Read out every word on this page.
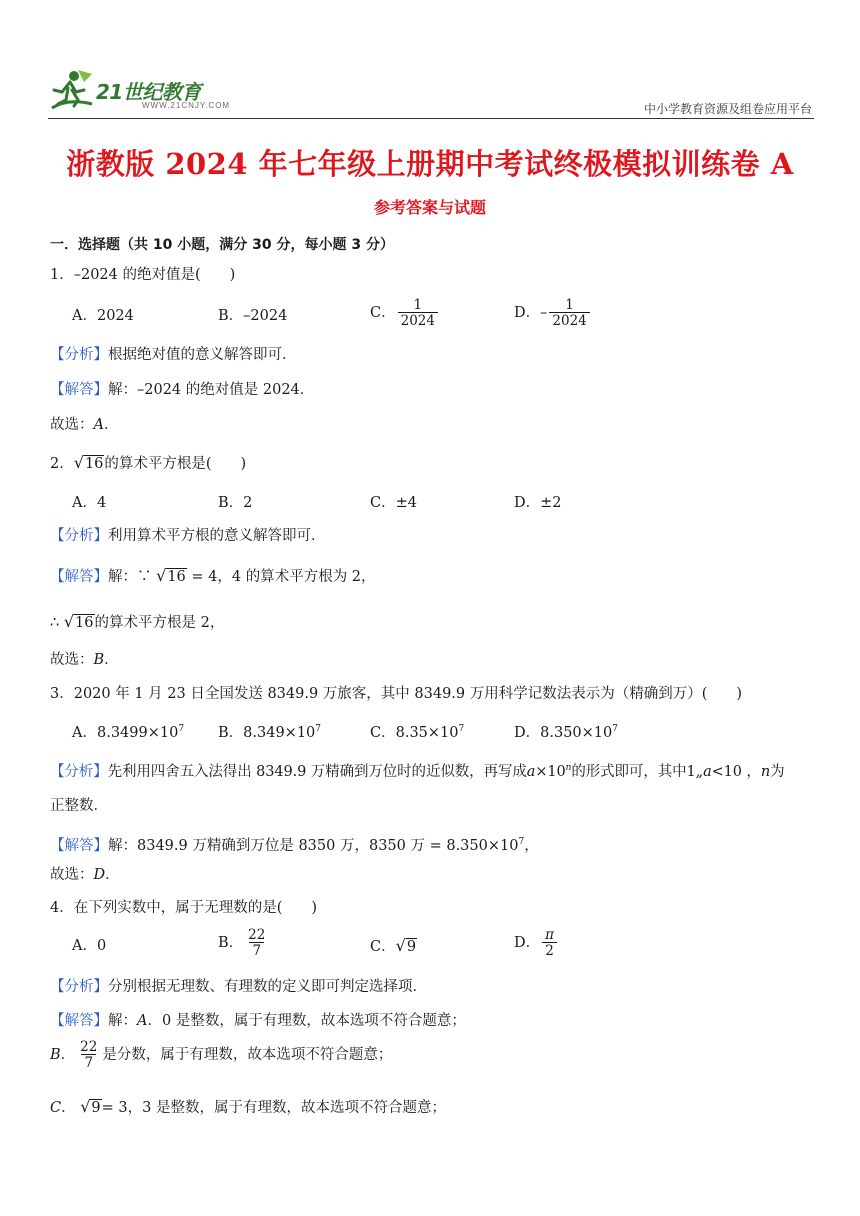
21世纪教育
WWW.21CNJY.COM	中小学教育资源及组卷应用平台
浙教版 2024 年七年级上册期中考试终极模拟训练卷 A
参考答案与试题
一．选择题（共 10 小题，满分 30 分，每小题 3 分）
1．–2024 的绝对值是(　　)
A．2024	B．–2024	C． $\frac{1}{2024}$	D．– $\frac{1}{2024}$
【分析】根据绝对值的意义解答即可．
【解答】解：–2024 的绝对值是 2024．
故选：A．
2．√16的算术平方根是(　　)
A．4	B．2	C．±4	D．±2
【分析】利用算术平方根的意义解答即可．
【解答】解：∵ √16 = 4，4 的算术平方根为 2，
∴ √16的算术平方根是 2，
故选：B．
3．2020 年 1 月 23 日全国发送 8349.9 万旅客，其中 8349.9 万用科学记数法表示为（精确到万）(　　)
A．$8.3499\times 10^7$ B．$8.349\times 10^7$	C．$8.35\times 10^7$	D．$8.350\times 10^7$
【分析】先利用四舍五入法得出 8349.9 万精确到万位时的近似数，再写成$a\times 10^n$的形式即可，其中1„a<10 ，n为
正整数．
【解答】解：8349.9 万精确到万位是 8350 万，8350 万 = $8.350\times 10^7$，
故选：D．
4．在下列实数中，属于无理数的是(　　)
A．0	B． $\frac{22}{7}$	C．√9	D． $\frac{\pi}{2}$
【分析】分别根据无理数、有理数的定义即可判定选择项．
【解答】解：A．0 是整数，属于有理数，故本选项不符合题意；
B． $\frac{22}{7}$ 是分数，属于有理数，故本选项不符合题意；
C． √9= 3，3 是整数，属于有理数，故本选项不符合题意；
